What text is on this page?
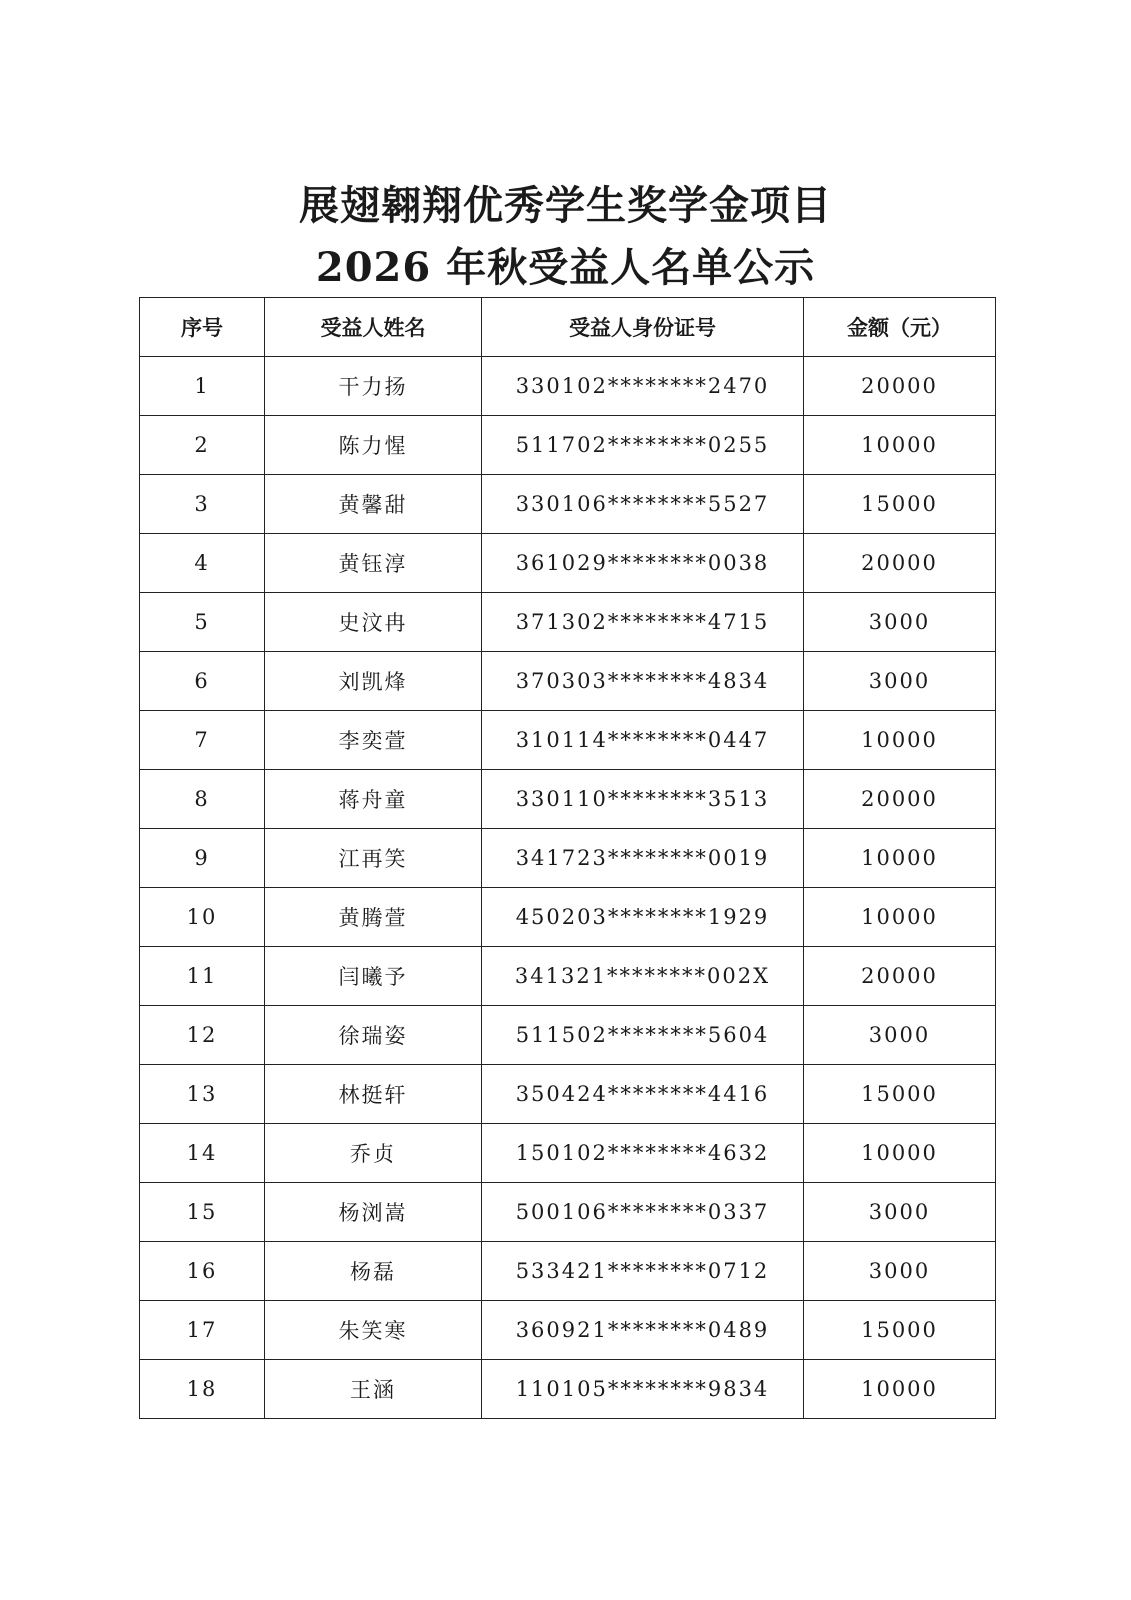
展翅翱翔优秀学生奖学金项目
2026 年秋受益人名单公示
序号	受益人姓名	受益人身份证号	金额（元）
1	干力扬	330102********2470	20000
2	陈力惺	511702********0255	10000
3	黄馨甜	330106********5527	15000
4	黄钰淳	361029********0038	20000
5	史汶冉	371302********4715	3000
6	刘凯烽	370303********4834	3000
7	李奕萱	310114********0447	10000
8	蒋舟童	330110********3513	20000
9	江再笑	341723********0019	10000
10	黄腾萱	450203********1929	10000
11	闫曦予	341321********002X	20000
12	徐瑞姿	511502********5604	3000
13	林挺轩	350424********4416	15000
14	乔贞	150102********4632	10000
15	杨浏嵩	500106********0337	3000
16	杨磊	533421********0712	3000
17	朱笑寒	360921********0489	15000
18	王涵	110105********9834	10000
